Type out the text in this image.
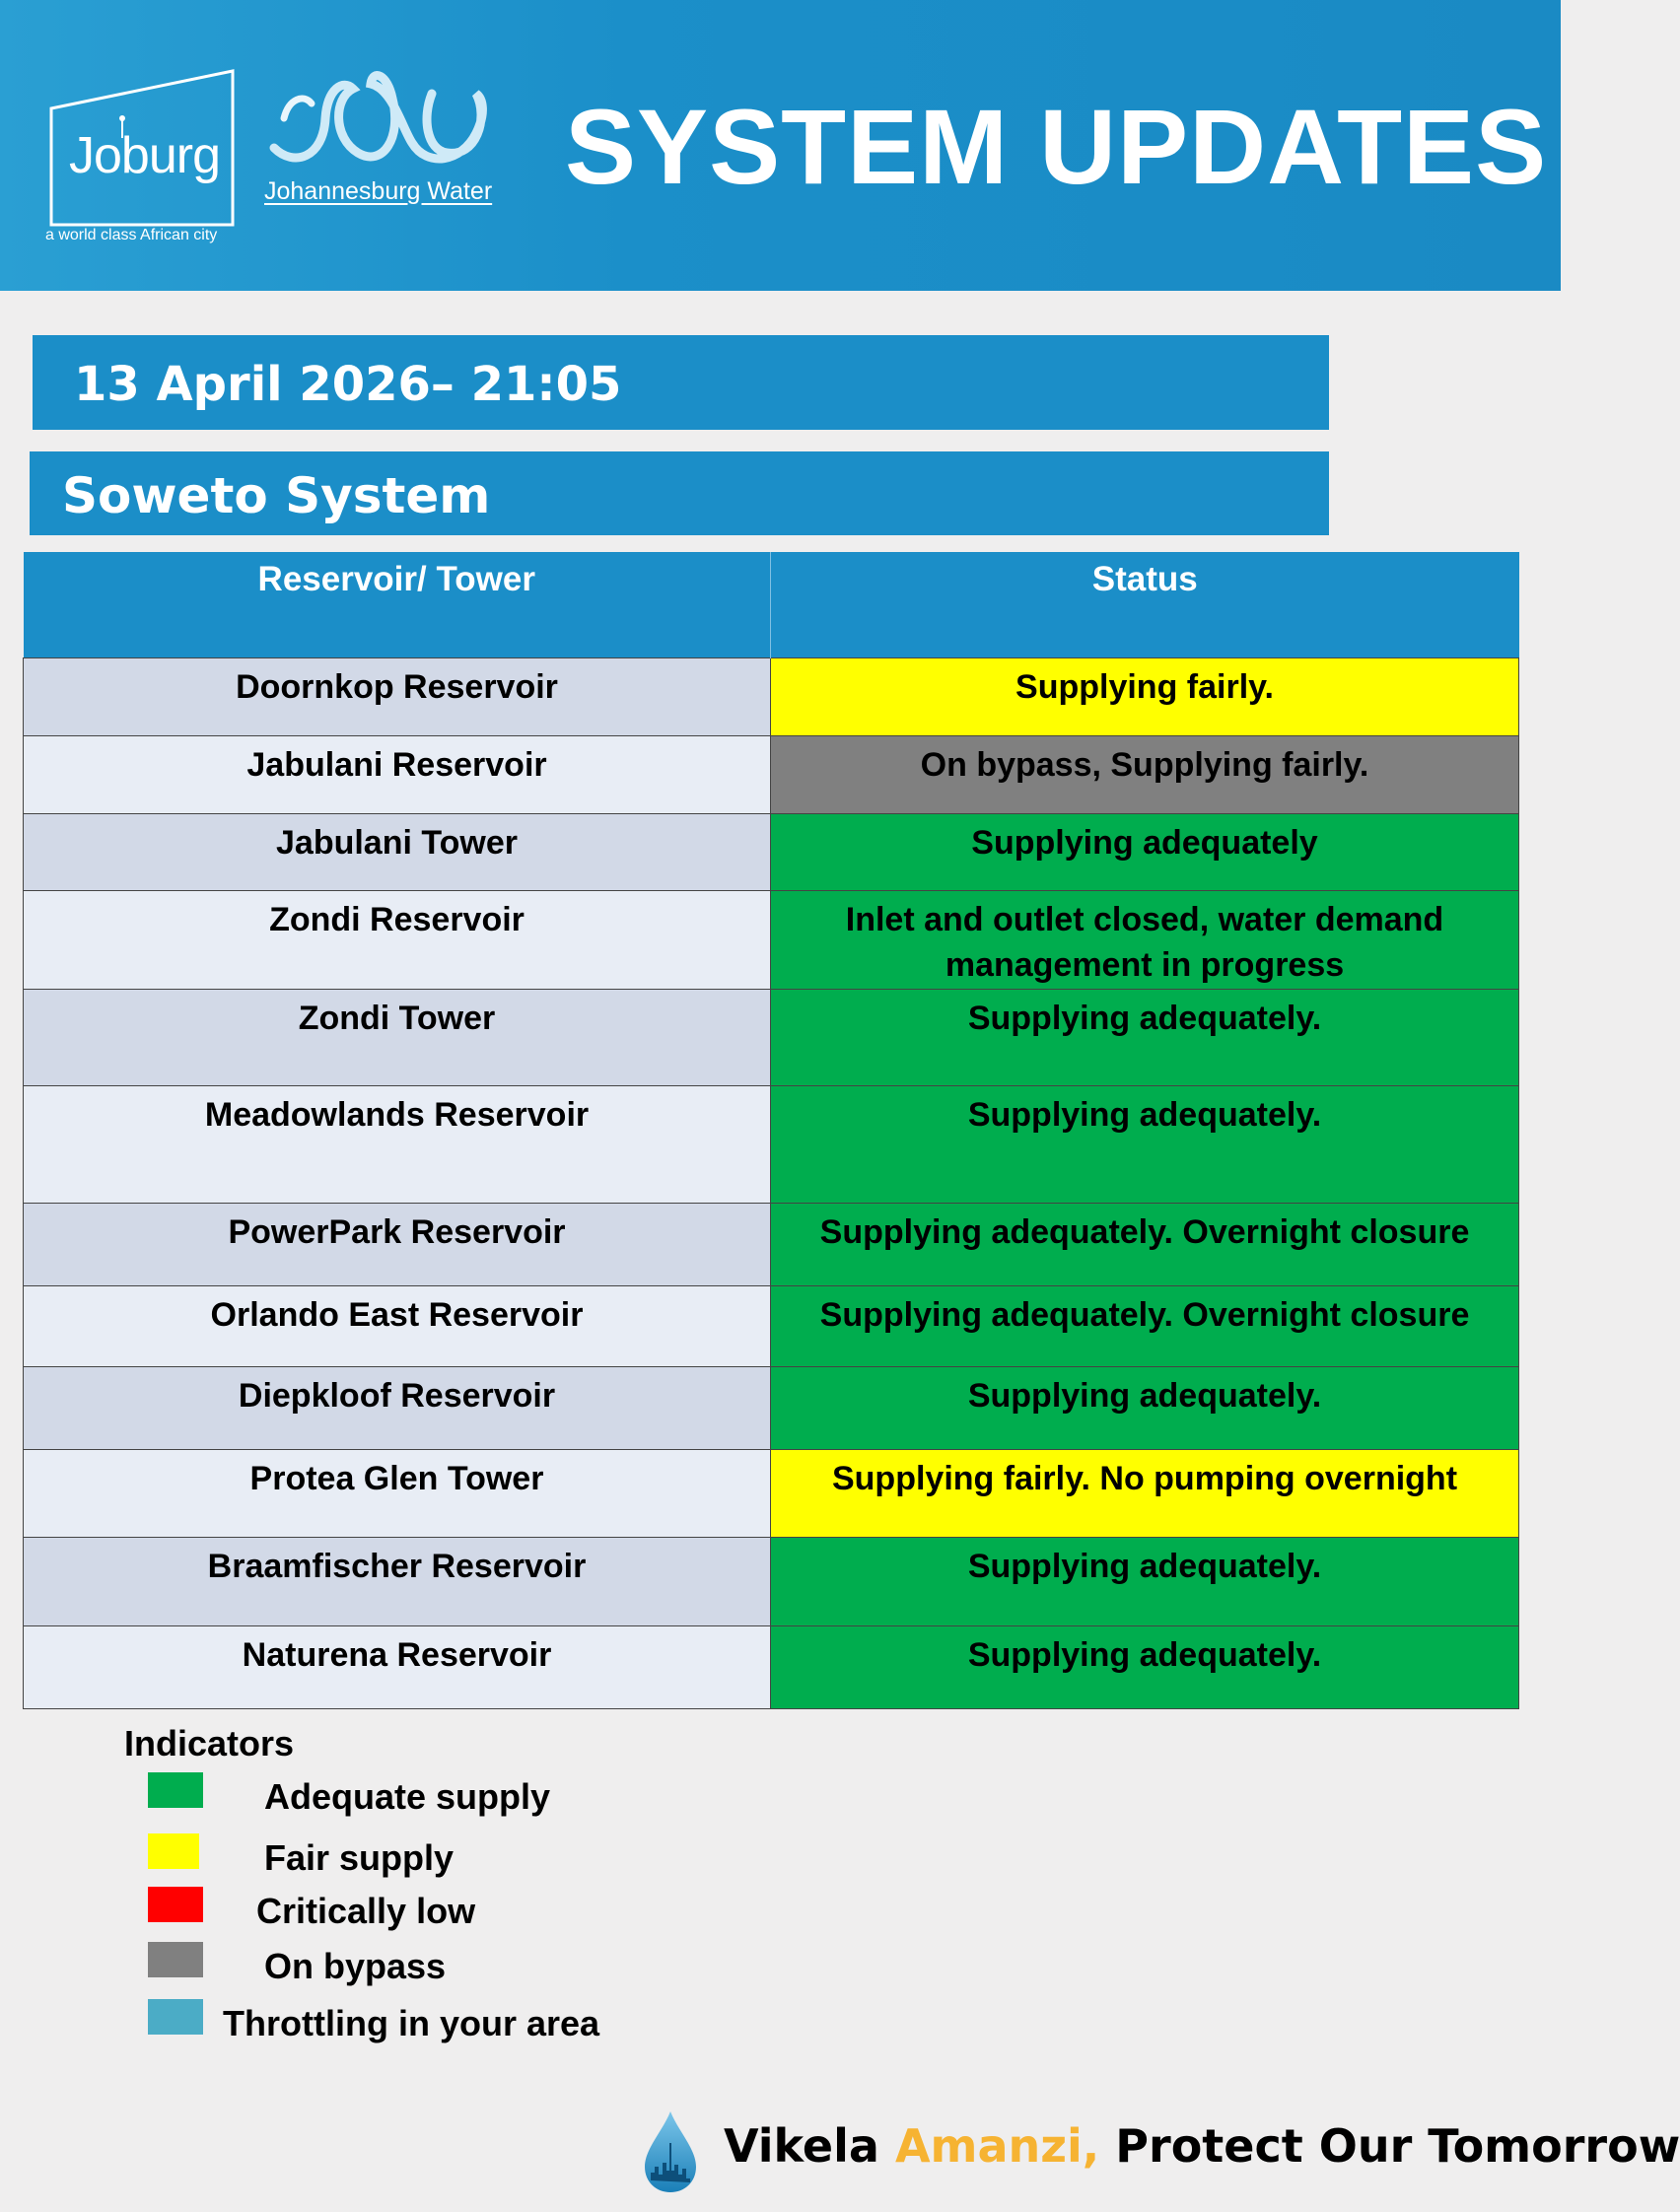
Joburg
a world class African city
Johannesburg Water SYSTEM UPDATES
13 April 2026– 21:05
Soweto System
Reservoir/ Tower	Status
Doornkop Reservoir	Supplying fairly.
Jabulani Reservoir	On bypass, Supplying fairly.
Jabulani Tower	Supplying adequately
Zondi Reservoir	Inlet and outlet closed, water demand management in progress
Zondi Tower	Supplying adequately.
Meadowlands Reservoir	Supplying adequately.
PowerPark Reservoir	Supplying adequately. Overnight closure
Orlando East Reservoir	Supplying adequately. Overnight closure
Diepkloof Reservoir	Supplying adequately.
Protea Glen Tower	Supplying fairly. No pumping overnight
Braamfischer Reservoir	Supplying adequately.
Naturena Reservoir	Supplying adequately.
Indicators
Adequate supply
Fair supply
Critically low
On bypass
Throttling in your area
Vikela Amanzi, Protect Our Tomorrow
